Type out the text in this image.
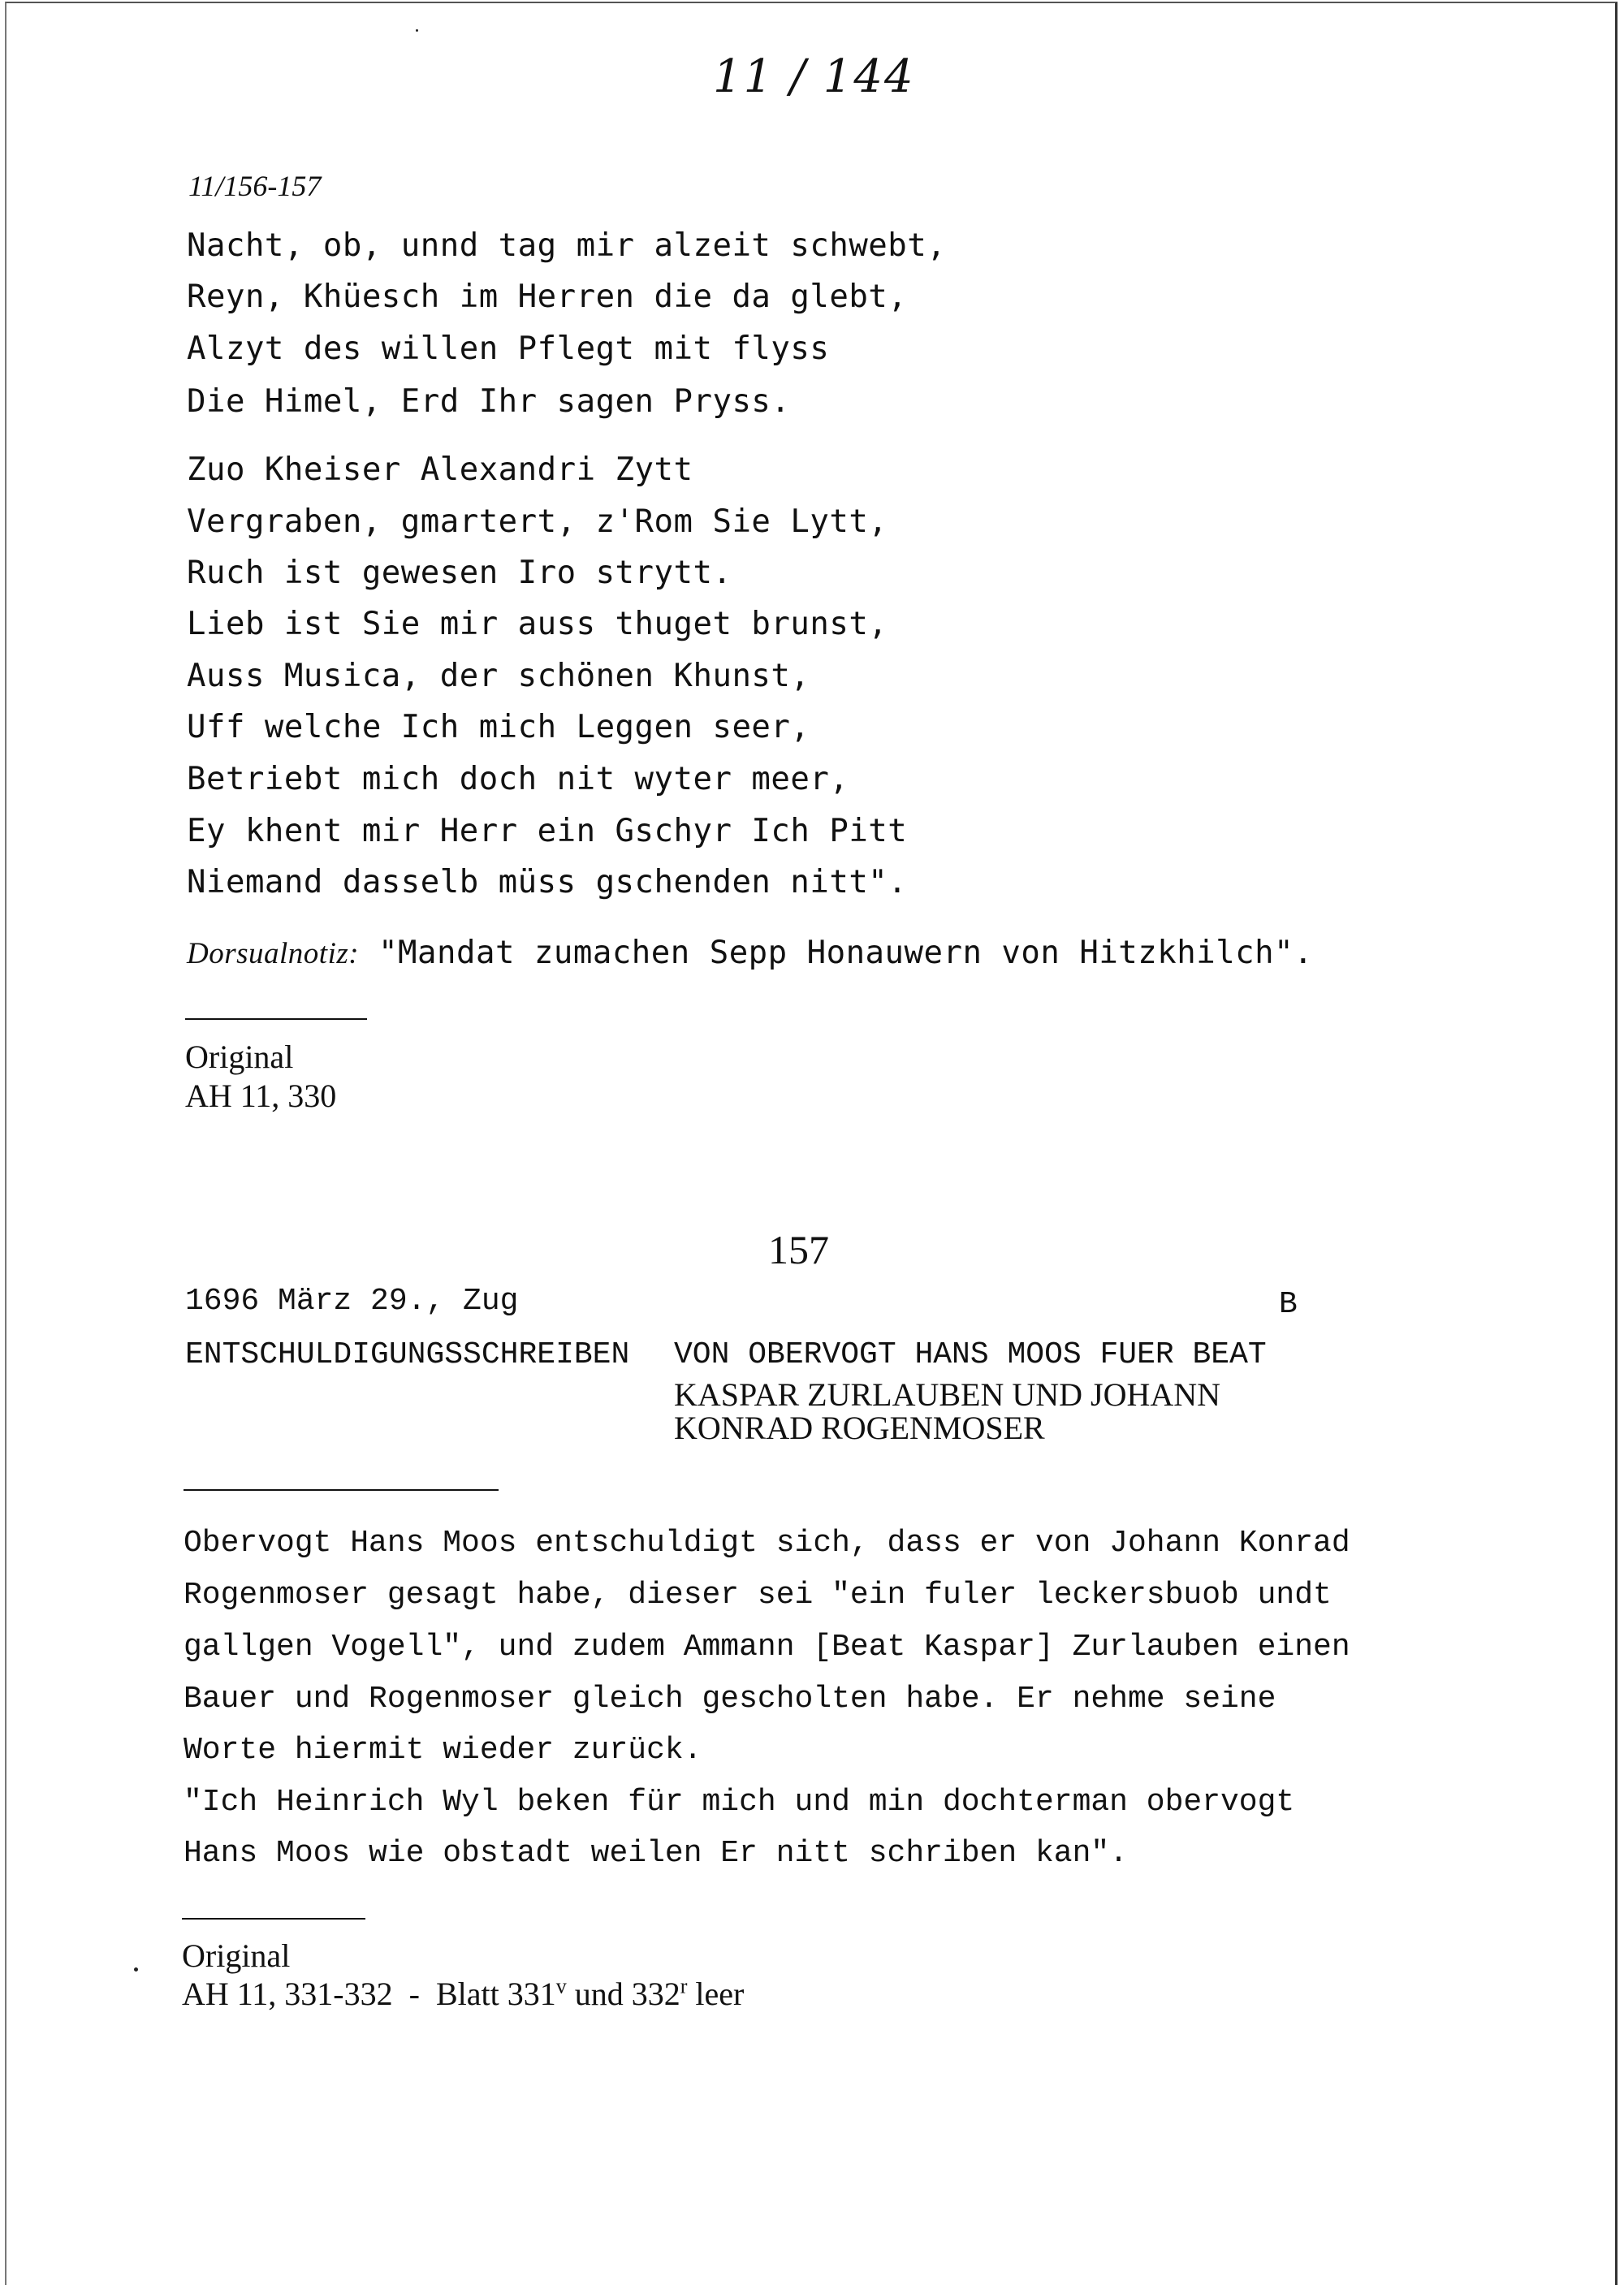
11 / 144
11/156-157
Nacht, ob, unnd tag mir alzeit schwebt,
Reyn, Khüesch im Herren die da glebt,
Alzyt des willen Pflegt mit flyss
Die Himel, Erd Ihr sagen Pryss.
Zuo Kheiser Alexandri Zytt
Vergraben, gmartert, z'Rom Sie Lytt,
Ruch ist gewesen Iro strytt.
Lieb ist Sie mir auss thuget brunst,
Auss Musica, der schönen Khunst,
Uff welche Ich mich Leggen seer,
Betriebt mich doch nit wyter meer,
Ey khent mir Herr ein Gschyr Ich Pitt
Niemand dasselb müss gschenden nitt".
Dorsualnotiz: "Mandat zumachen Sepp Honauwern von Hitzkhilch".
Original
AH 11, 330
157
1696 März 29., Zug	B
ENTSCHULDIGUNGSSCHREIBEN VON OBERVOGT HANS MOOS FUER BEAT
KASPAR ZURLAUBEN UND JOHANN
KONRAD ROGENMOSER
Obervogt Hans Moos entschuldigt sich, dass er von Johann Konrad
Rogenmoser gesagt habe, dieser sei "ein fuler leckersbuob undt
gallgen Vogell", und zudem Ammann [Beat Kaspar] Zurlauben einen
Bauer und Rogenmoser gleich gescholten habe. Er nehme seine
Worte hiermit wieder zurück.
"Ich Heinrich Wyl beken für mich und min dochterman obervogt
Hans Moos wie obstadt weilen Er nitt schriben kan".
Original
AH 11, 331-332 - Blatt 331$^v$ und 332$^r$ leer
